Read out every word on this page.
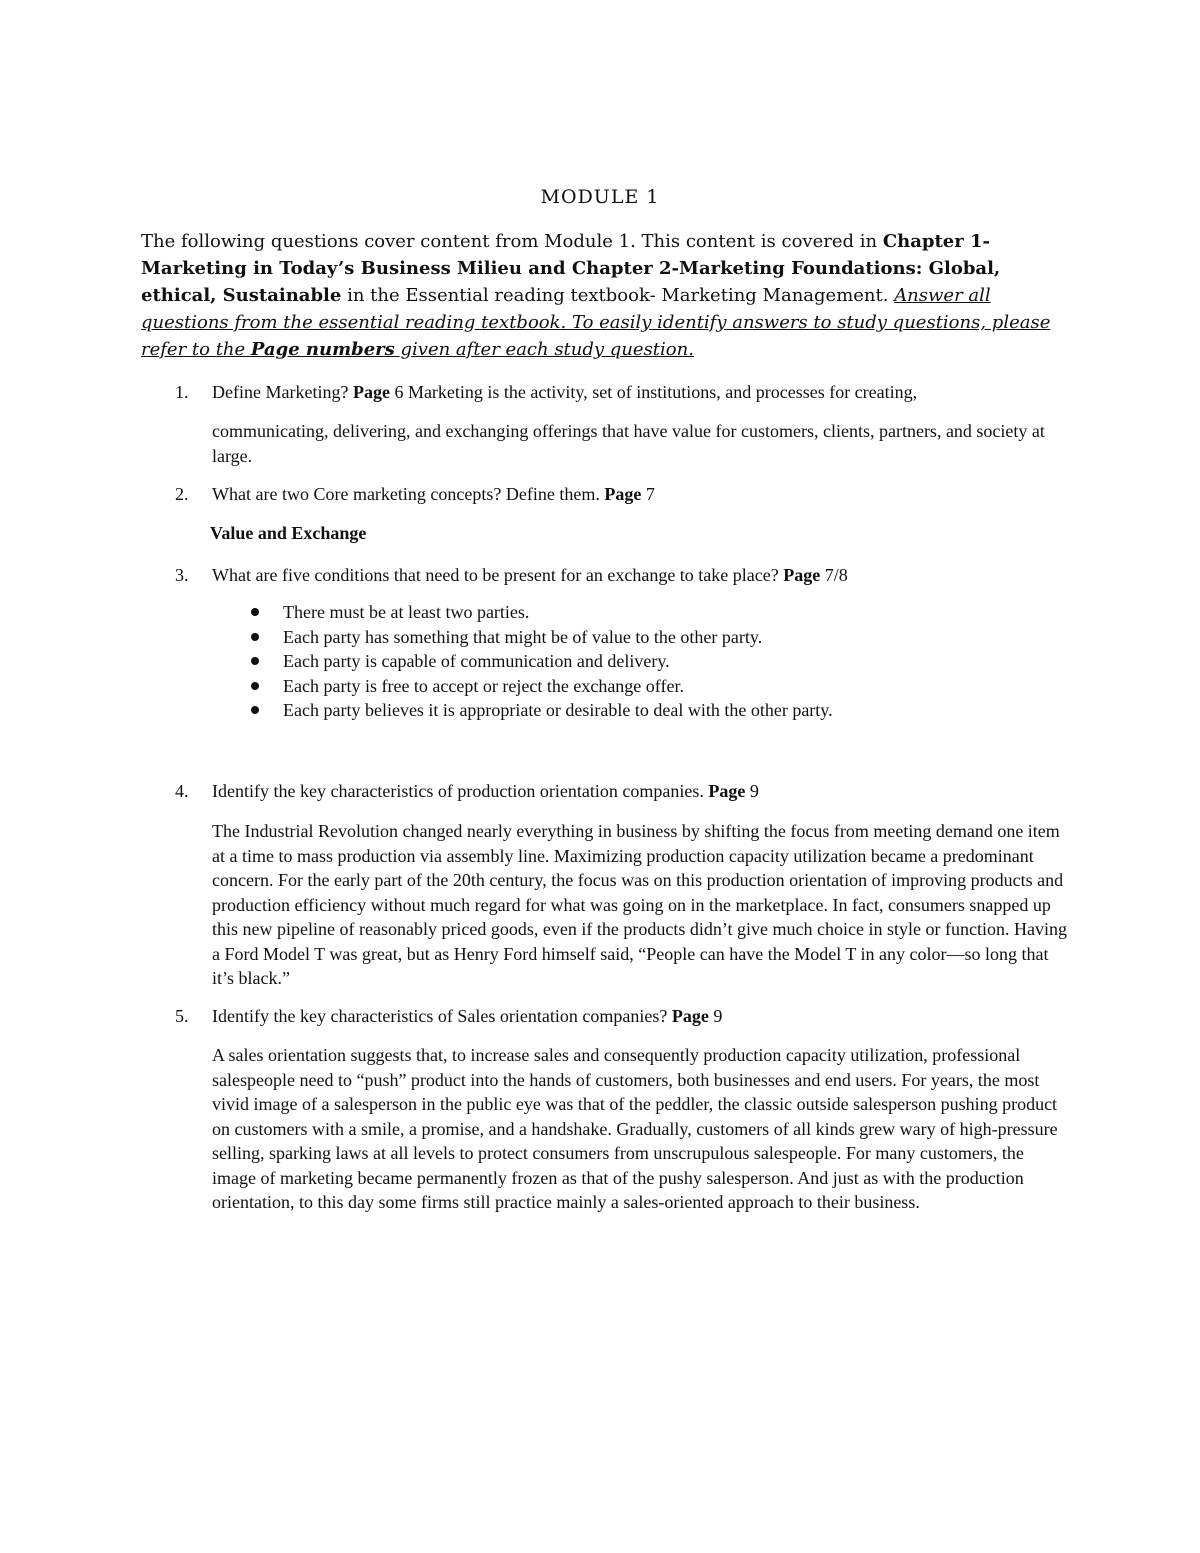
MODULE 1
The following questions cover content from Module 1. This content is covered in Chapter 1- Marketing in Today’s Business Milieu and Chapter 2-Marketing Foundations: Global, ethical, Sustainable in the Essential reading textbook- Marketing Management. Answer all questions from the essential reading textbook. To easily identify answers to study questions, please refer to the Page numbers given after each study question.
1. Define Marketing? Page 6 Marketing is the activity, set of institutions, and processes for creating,
communicating, delivering, and exchanging offerings that have value for customers, clients, partners, and society at large.
2. What are two Core marketing concepts? Define them. Page 7
Value and Exchange
3. What are five conditions that need to be present for an exchange to take place? Page 7/8
There must be at least two parties.
Each party has something that might be of value to the other party.
Each party is capable of communication and delivery.
Each party is free to accept or reject the exchange offer.
Each party believes it is appropriate or desirable to deal with the other party.
4. Identify the key characteristics of production orientation companies. Page 9
The Industrial Revolution changed nearly everything in business by shifting the focus from meeting demand one item at a time to mass production via assembly line. Maximizing production capacity utilization became a predominant concern. For the early part of the 20th century, the focus was on this production orientation of improving products and production efficiency without much regard for what was going on in the marketplace. In fact, consumers snapped up this new pipeline of reasonably priced goods, even if the products didn’t give much choice in style or function. Having a Ford Model T was great, but as Henry Ford himself said, “People can have the Model T in any color—so long that it’s black.”
5. Identify the key characteristics of Sales orientation companies? Page 9
A sales orientation suggests that, to increase sales and consequently production capacity utilization, professional salespeople need to “push” product into the hands of customers, both businesses and end users. For years, the most vivid image of a salesperson in the public eye was that of the peddler, the classic outside salesperson pushing product on customers with a smile, a promise, and a handshake. Gradually, customers of all kinds grew wary of high-pressure selling, sparking laws at all levels to protect consumers from unscrupulous salespeople. For many customers, the image of marketing became permanently frozen as that of the pushy salesperson. And just as with the production orientation, to this day some firms still practice mainly a sales-oriented approach to their business.
